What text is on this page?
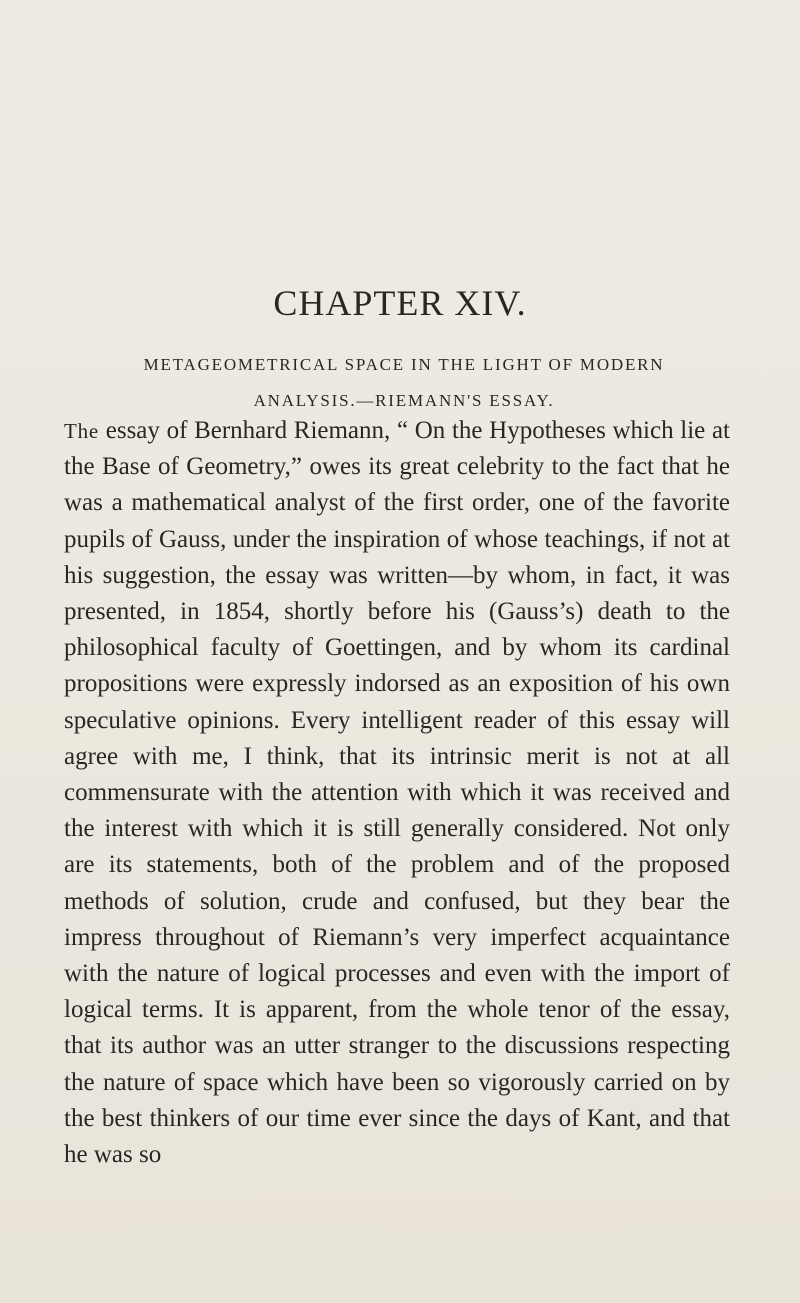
CHAPTER XIV.
METAGEOMETRICAL SPACE IN THE LIGHT OF MODERN
ANALYSIS.—RIEMANN'S ESSAY.
The essay of Bernhard Riemann, “ On the Hypotheses which lie at the Base of Geometry,” owes its great celebrity to the fact that he was a mathematical analyst of the first order, one of the favorite pupils of Gauss, under the inspiration of whose teachings, if not at his suggestion, the essay was written—by whom, in fact, it was presented, in 1854, shortly before his (Gauss’s) death to the philosophical faculty of Goettingen, and by whom its cardinal propositions were expressly indorsed as an exposition of his own speculative opinions. Every intelligent reader of this essay will agree with me, I think, that its intrinsic merit is not at all commensurate with the attention with which it was received and the interest with which it is still generally considered. Not only are its statements, both of the problem and of the proposed methods of solution, crude and confused, but they bear the impress throughout of Riemann’s very imperfect acquaintance with the nature of logical processes and even with the import of logical terms. It is apparent, from the whole tenor of the essay, that its author was an utter stranger to the discussions respecting the nature of space which have been so vigorously carried on by the best thinkers of our time ever since the days of Kant, and that he was so
